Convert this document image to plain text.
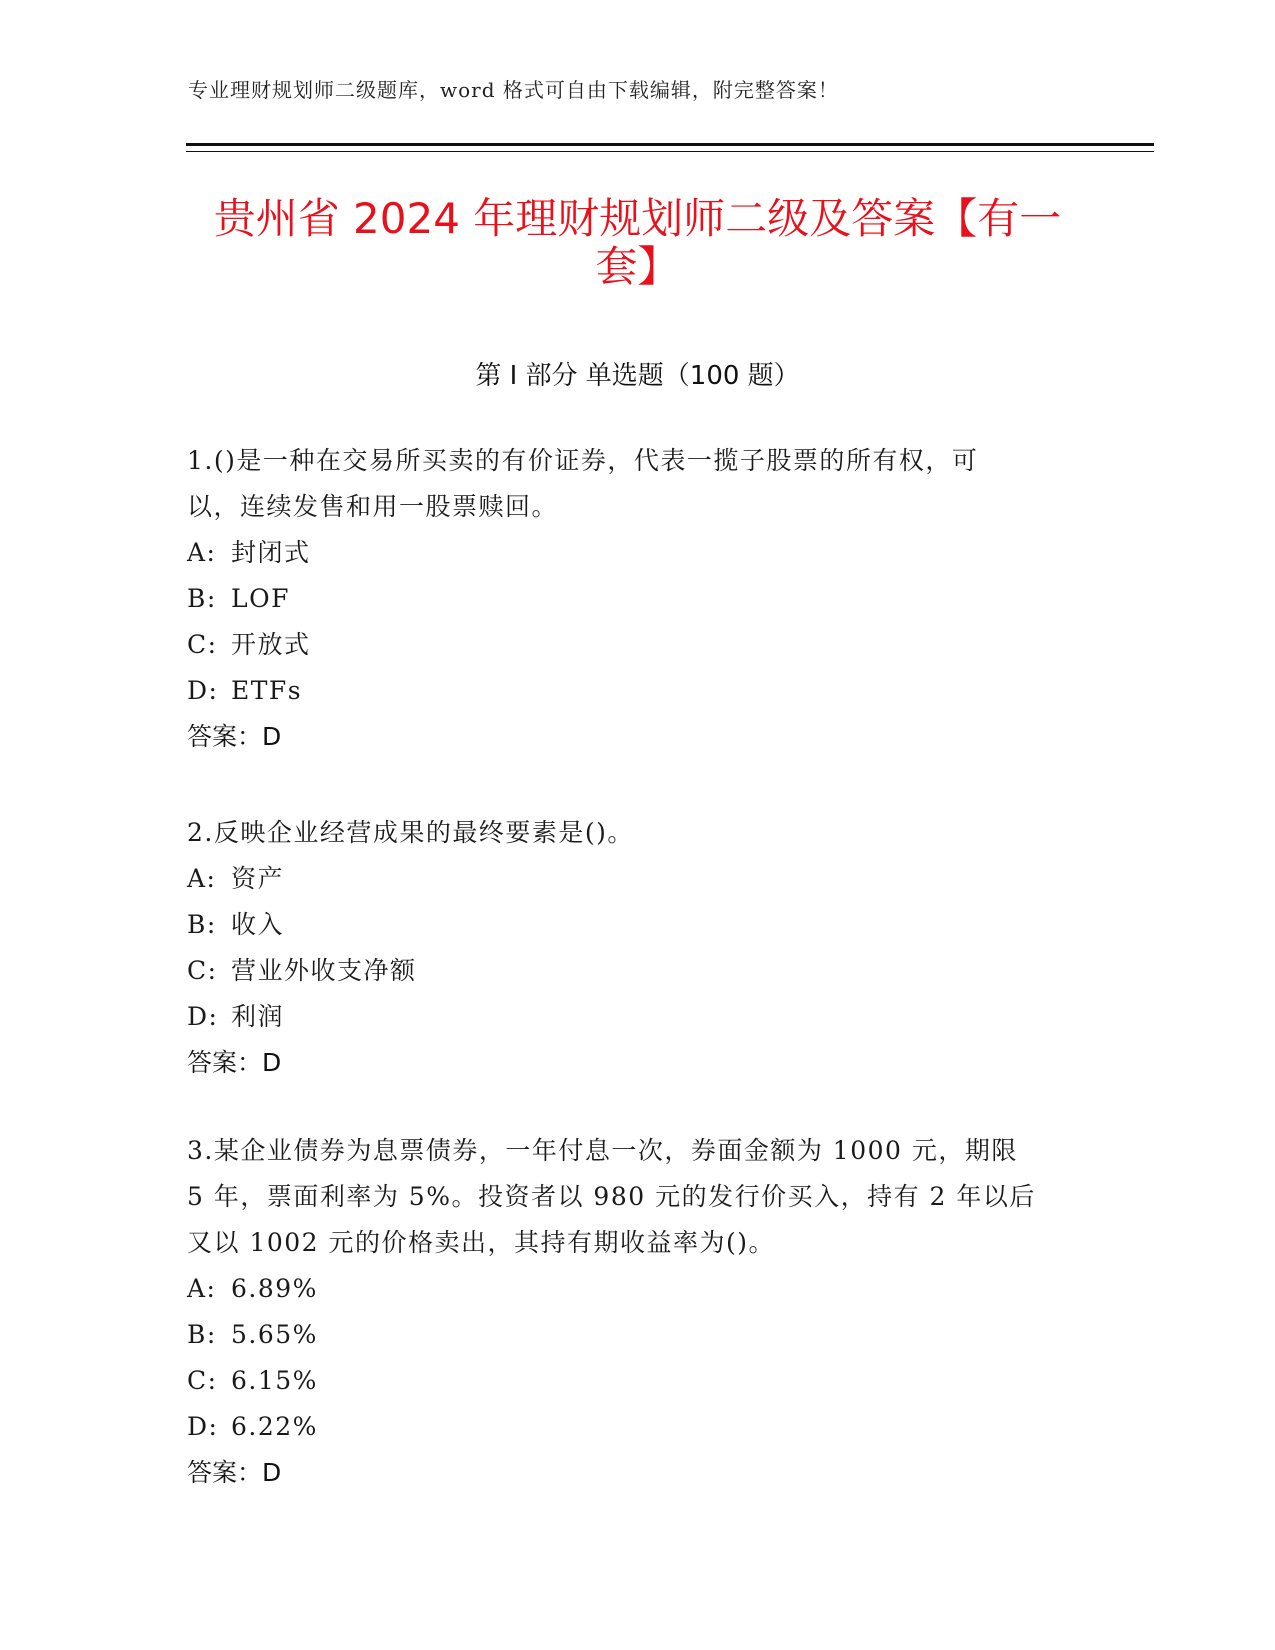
专业理财规划师二级题库，word 格式可自由下载编辑，附完整答案！
贵州省 2024 年理财规划师二级及答案【有一
套】
第 I 部分 单选题（100 题）

1.()是一种在交易所买卖的有价证券，代表一揽子股票的所有权，可

以，连续发售和用一股票赎回。

A: 封闭式

B: LOF

C: 开放式

D: ETFs

答案：D

2.反映企业经营成果的最终要素是()。

A: 资产

B: 收入

C: 营业外收支净额

D: 利润

答案：D

3.某企业债券为息票债券，一年付息一次，券面金额为 1000 元，期限

5 年，票面利率为 5%。投资者以 980 元的发行价买入，持有 2 年以后

又以 1002 元的价格卖出，其持有期收益率为()。

A: 6.89%

B: 5.65%

C: 6.15%

D: 6.22%

答案：D
